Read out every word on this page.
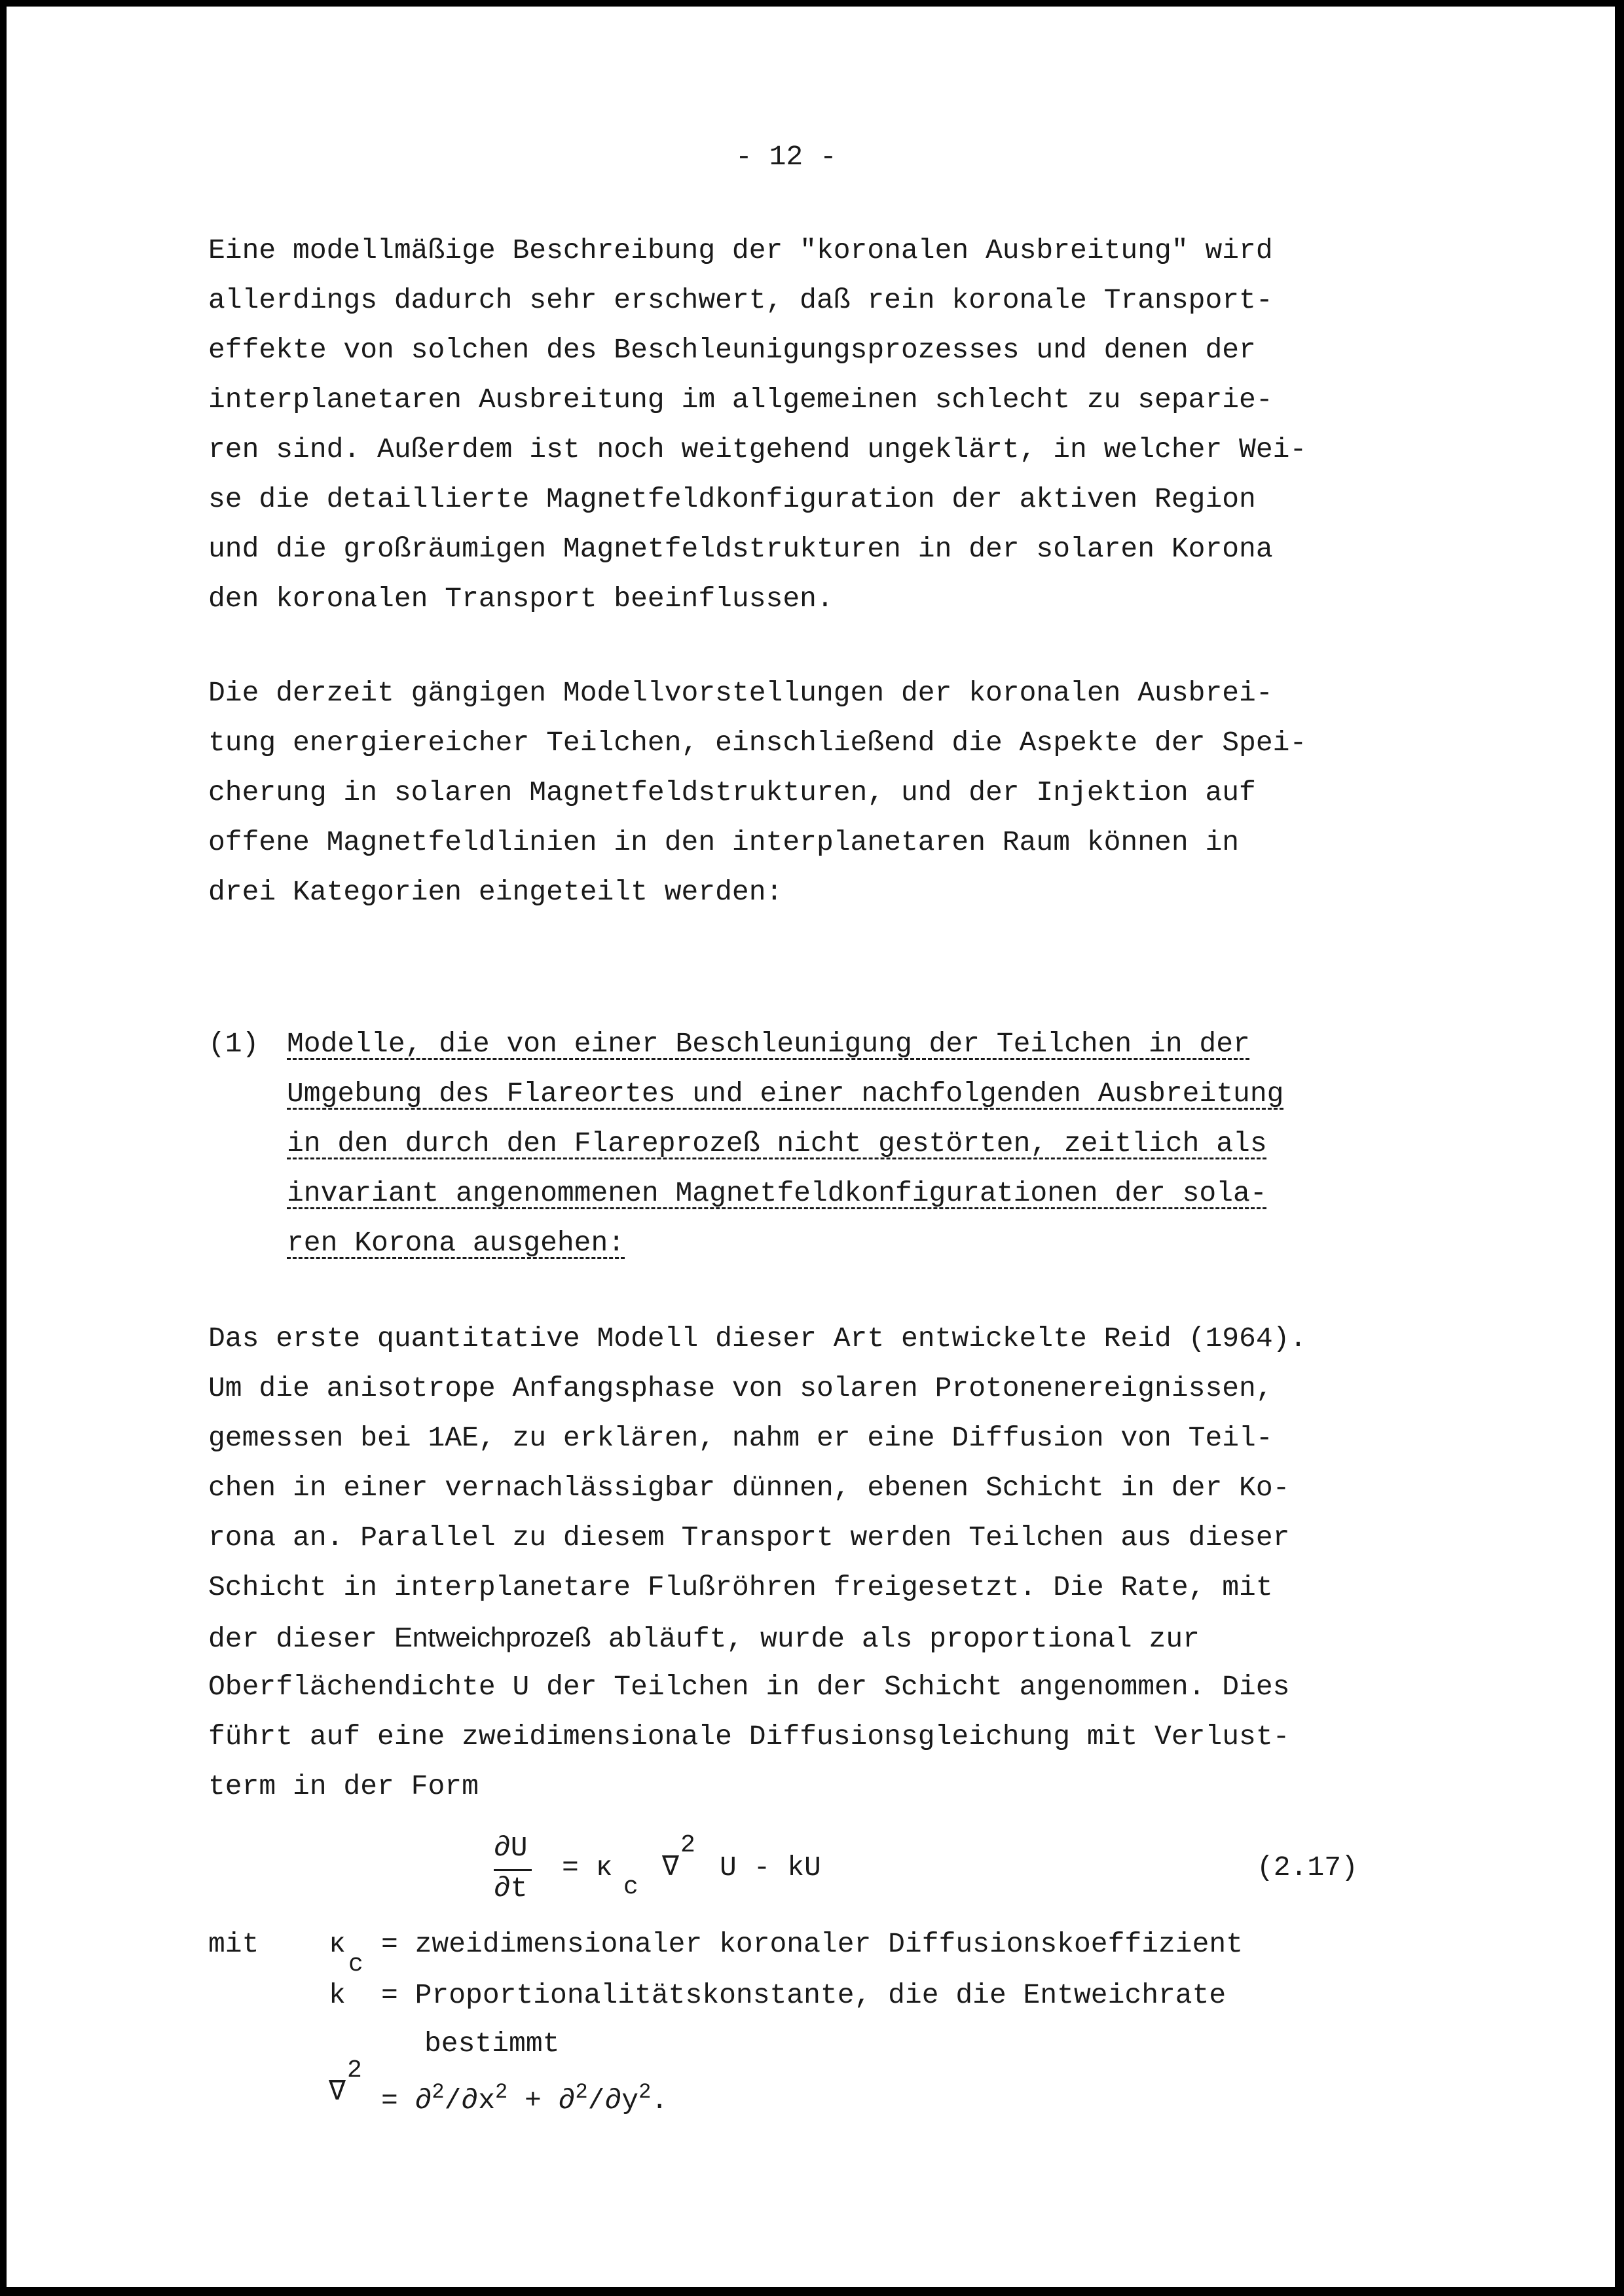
- 12 -
Eine modellmäßige Beschreibung der "koronalen Ausbreitung" wird
allerdings dadurch sehr erschwert, daß rein koronale Transport-
effekte von solchen des Beschleunigungsprozesses und denen der
interplanetaren Ausbreitung im allgemeinen schlecht zu separie-
ren sind. Außerdem ist noch weitgehend ungeklärt, in welcher Wei-
se die detaillierte Magnetfeldkonfiguration der aktiven Region
und die großräumigen Magnetfeldstrukturen in der solaren Korona
den koronalen Transport beeinflussen.
Die derzeit gängigen Modellvorstellungen der koronalen Ausbrei-
tung energiereicher Teilchen, einschließend die Aspekte der Spei-
cherung in solaren Magnetfeldstrukturen, und der Injektion auf
offene Magnetfeldlinien in den interplanetaren Raum können in
drei Kategorien eingeteilt werden:
(1) Modelle, die von einer Beschleunigung der Teilchen in der
Umgebung des Flareortes und einer nachfolgenden Ausbreitung
in den durch den Flareprozeß nicht gestörten, zeitlich als
invariant angenommenen Magnetfeldkonfigurationen der sola-
ren Korona ausgehen:
Das erste quantitative Modell dieser Art entwickelte Reid (1964).
Um die anisotrope Anfangsphase von solaren Protonenereignissen,
gemessen bei 1AE, zu erklären, nahm er eine Diffusion von Teil-
chen in einer vernachlässigbar dünnen, ebenen Schicht in der Ko-
rona an. Parallel zu diesem Transport werden Teilchen aus dieser
Schicht in interplanetare Flußröhren freigesetzt. Die Rate, mit
der dieser Entweichprozeß abläuft, wurde als proportional zur
Oberflächendichte U der Teilchen in der Schicht angenommen. Dies
führt auf eine zweidimensionale Diffusionsgleichung mit Verlust-
term in der Form
∂U
∂t
= κ
c
∇
2
U - kU	(2.17)
mit κ
c
= zweidimensionaler koronaler Diffusionskoeffizient
k = Proportionalitätskonstante, die die Entweichrate
bestimmt
∇
2
= $\partial^2/\partial x^2 + \partial^2/\partial y^2$.
